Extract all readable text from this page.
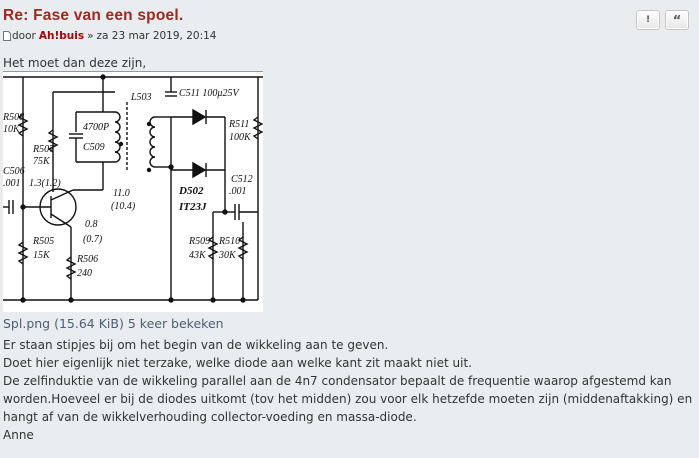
Re: Fase van een spoel.	! “
door Ah!buis » za 23 mar 2019, 20:14
Het moet dan deze zijn,
R508
10K
L503	C511 100μ25V
R511
100K
R507
75K
4700P
C509
C506
.001 1.3(1.2)
11.0
(10.4)
D502
IT23J
C512
.001
0.8
(0.7)
R505
15K	R506
240
R509
43K
R510
30K
Spl.png (15.64 KiB) 5 keer bekeken

Er staan stipjes bij om het begin van de wikkeling aan te geven.

Doet hier eigenlijk niet terzake, welke diode aan welke kant zit maakt niet uit.

De zelfinduktie van de wikkeling parallel aan de 4n7 condensator bepaalt de frequentie waarop afgestemd kan worden.Hoeveel er bij de diodes uitkomt (tov het midden) zou voor elk hetzefde moeten zijn (middenaftakking) en hangt af van de wikkelverhouding collector-voeding en massa-diode.

Anne
